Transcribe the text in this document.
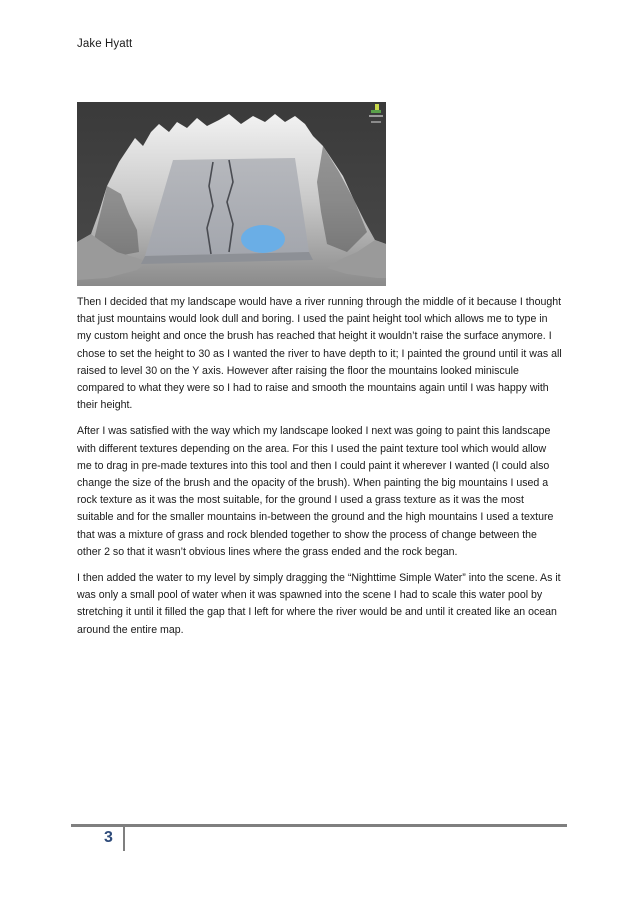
Jake Hyatt

Then I decided that my landscape would have a river running through the middle of it because I thought that just mountains would look dull and boring. I used the paint height tool which allows me to type in my custom height and once the brush has reached that height it wouldn’t raise the surface anymore. I chose to set the height to 30 as I wanted the river to have depth to it; I painted the ground until it was all raised to level 30 on the Y axis. However after raising the floor the mountains looked miniscule compared to what they were so I had to raise and smooth the mountains again until I was happy with their height.

After I was satisfied with the way which my landscape looked I next was going to paint this landscape with different textures depending on the area. For this I used the paint texture tool which would allow me to drag in pre-made textures into this tool and then I could paint it wherever I wanted (I could also change the size of the brush and the opacity of the brush). When painting the big mountains I used a rock texture as it was the most suitable, for the ground I used a grass texture as it was the most suitable and for the smaller mountains in-between the ground and the high mountains I used a texture that was a mixture of grass and rock blended together to show the process of change between the other 2 so that it wasn’t obvious lines where the grass ended and the rock began.

I then added the water to my level by simply dragging the “Nighttime Simple Water” into the scene. As it was only a small pool of water when it was spawned into the scene I had to scale this water pool by stretching it until it filled the gap that I left for where the river would be and until it created like an ocean around the entire map.

3
